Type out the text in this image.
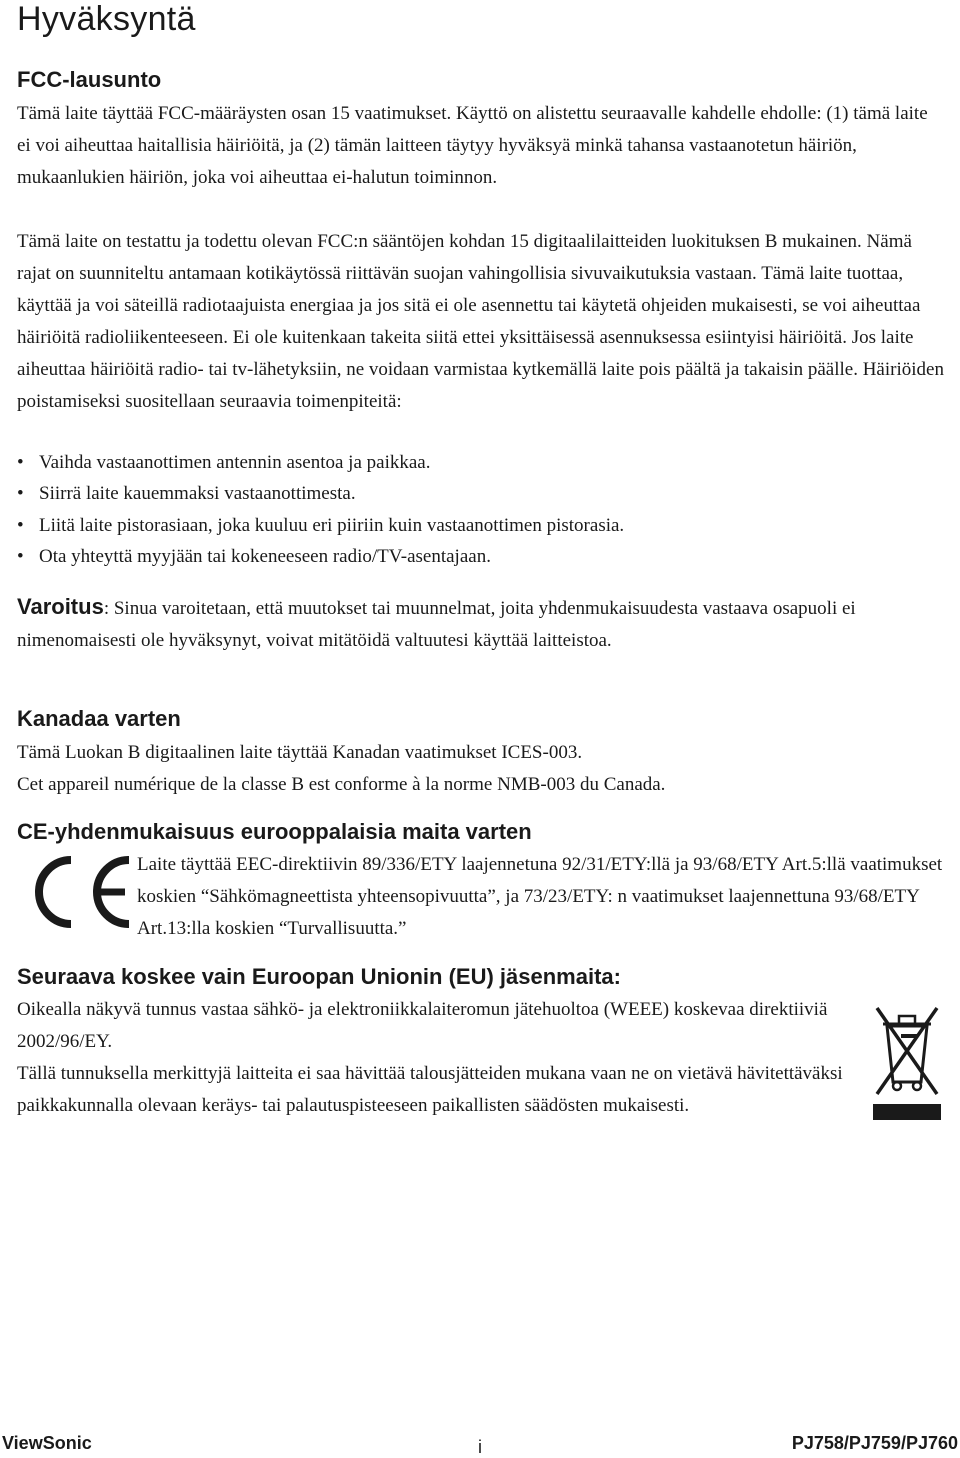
Hyväksyntä
FCC-lausunto

Tämä laite täyttää FCC-määräysten osan 15 vaatimukset. Käyttö on alistettu seuraavalle kahdelle ehdolle: (1) tämä laite ei voi aiheuttaa haitallisia häiriöitä, ja (2) tämän laitteen täytyy hyväksyä minkä tahansa vastaanotetun häiriön, mukaanlukien häiriön, joka voi aiheuttaa ei-halutun toiminnon.

Tämä laite on testattu ja todettu olevan FCC:n sääntöjen kohdan 15 digitaalilaitteiden luokituksen B mukainen. Nämä rajat on suunniteltu antamaan kotikäytössä riittävän suojan vahingollisia sivuvaikutuksia vastaan. Tämä laite tuottaa, käyttää ja voi säteillä radiotaajuista energiaa ja jos sitä ei ole asennettu tai käytetä ohjeiden mukaisesti, se voi aiheuttaa häiriöitä radioliikenteeseen. Ei ole kuitenkaan takeita siitä ettei yksittäisessä asennuksessa esiintyisi häiriöitä. Jos laite aiheuttaa häiriöitä radio- tai tv-lähetyksiin, ne voidaan varmistaa kytkemällä laite pois päältä ja takaisin päälle. Häiriöiden poistamiseksi suositellaan seuraavia toimenpiteitä:

• Vaihda vastaanottimen antennin asentoa ja paikkaa.
• Siirrä laite kauemmaksi vastaanottimesta.
• Liitä laite pistorasiaan, joka kuuluu eri piiriin kuin vastaanottimen pistorasia.
• Ota yhteyttä myyjään tai kokeneeseen radio/TV-asentajaan.

Varoitus: Sinua varoitetaan, että muutokset tai muunnelmat, joita yhdenmukaisuudesta vastaava osapuoli ei nimenomaisesti ole hyväksynyt, voivat mitätöidä valtuutesi käyttää laitteistoa.

Kanadaa varten

Tämä Luokan B digitaalinen laite täyttää Kanadan vaatimukset ICES-003.

Cet appareil numérique de la classe B est conforme à la norme NMB-003 du Canada.

CE-yhdenmukaisuus eurooppalaisia maita varten

Laite täyttää EEC-direktiivin 89/336/ETY laajennetuna 92/31/ETY:llä ja 93/68/ETY Art.5:llä vaatimukset koskien “Sähkömagneettista yhteensopivuutta”, ja 73/23/ETY: n vaatimukset laajennettuna 93/68/ETY Art.13:lla koskien “Turvallisuutta.”

Seuraava koskee vain Euroopan Unionin (EU) jäsenmaita:

Oikealla näkyvä tunnus vastaa sähkö- ja elektroniikkalaiteromun jätehuoltoa (WEEE) koskevaa direktiiviä 2002/96/EY.

Tällä tunnuksella merkittyjä laitteita ei saa hävittää talousjätteiden mukana vaan ne on vietävä hävitettäväksi paikkakunnalla olevaan keräys- tai palautuspisteeseen paikallisten säädösten mukaisesti.

ViewSonic	i	PJ758/PJ759/PJ760
